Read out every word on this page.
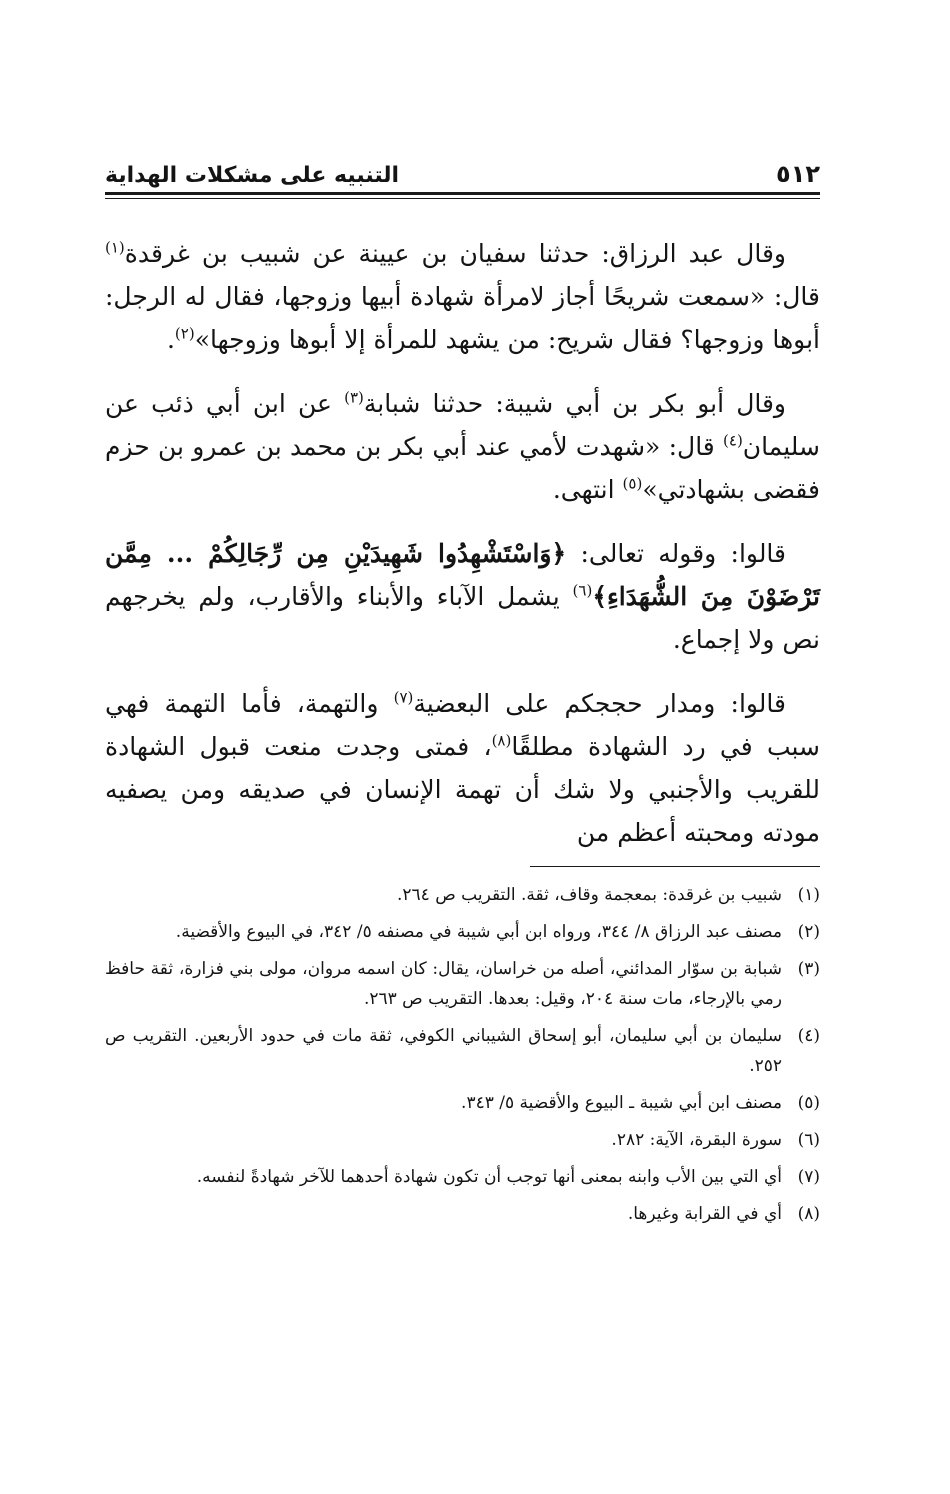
٥١٢
التنبيه على مشكلات الهداية

وقال عبد الرزاق: حدثنا سفيان بن عيينة عن شبيب بن غرقدة$^{(١)}$ قال: «سمعت شريحًا أجاز لامرأة شهادة أبيها وزوجها، فقال له الرجل: أبوها وزوجها؟ فقال شريح: من يشهد للمرأة إلا أبوها وزوجها»$^{(٢)}$.

وقال أبو بكر بن أبي شيبة: حدثنا شبابة$^{(٣)}$ عن ابن أبي ذئب عن سليمان$^{(٤)}$ قال: «شهدت لأمي عند أبي بكر بن محمد بن عمرو بن حزم فقضى بشهادتي»$^{(٥)}$ انتهى.

قالوا: وقوله تعالى: ﴿وَاسْتَشْهِدُوا شَهِيدَيْنِ مِن رِّجَالِكُمْ ... مِمَّن تَرْضَوْنَ مِنَ الشُّهَدَاءِ﴾$^{(٦)}$ يشمل الآباء والأبناء والأقارب، ولم يخرجهم نص ولا إجماع.

قالوا: ومدار حججكم على البعضية$^{(٧)}$ والتهمة، فأما التهمة فهي سبب في رد الشهادة مطلقًا$^{(٨)}$، فمتى وجدت منعت قبول الشهادة للقريب والأجنبي ولا شك أن تهمة الإنسان في صديقه ومن يصفيه مودته ومحبته أعظم من

(١)
شبيب بن غرقدة: بمعجمة وقاف، ثقة. التقريب ص ٢٦٤.
(٢)
مصنف عبد الرزاق ٨/ ٣٤٤، ورواه ابن أبي شيبة في مصنفه ٥/ ٣٤٢، في البيوع والأقضية.
(٣)
شبابة بن سوّار المدائني، أصله من خراسان، يقال: كان اسمه مروان، مولى بني فزارة، ثقة حافظ رمي بالإرجاء، مات سنة ٢٠٤، وقيل: بعدها. التقريب ص ٢٦٣.
(٤)
سليمان بن أبي سليمان، أبو إسحاق الشيباني الكوفي، ثقة مات في حدود الأربعين. التقريب ص ٢٥٢.
(٥)
مصنف ابن أبي شيبة ـ البيوع والأقضية ٥/ ٣٤٣.
(٦)
سورة البقرة، الآية: ٢٨٢.
(٧)
أي التي بين الأب وابنه بمعنى أنها توجب أن تكون شهادة أحدهما للآخر شهادةً لنفسه.
(٨)
أي في القرابة وغيرها.
